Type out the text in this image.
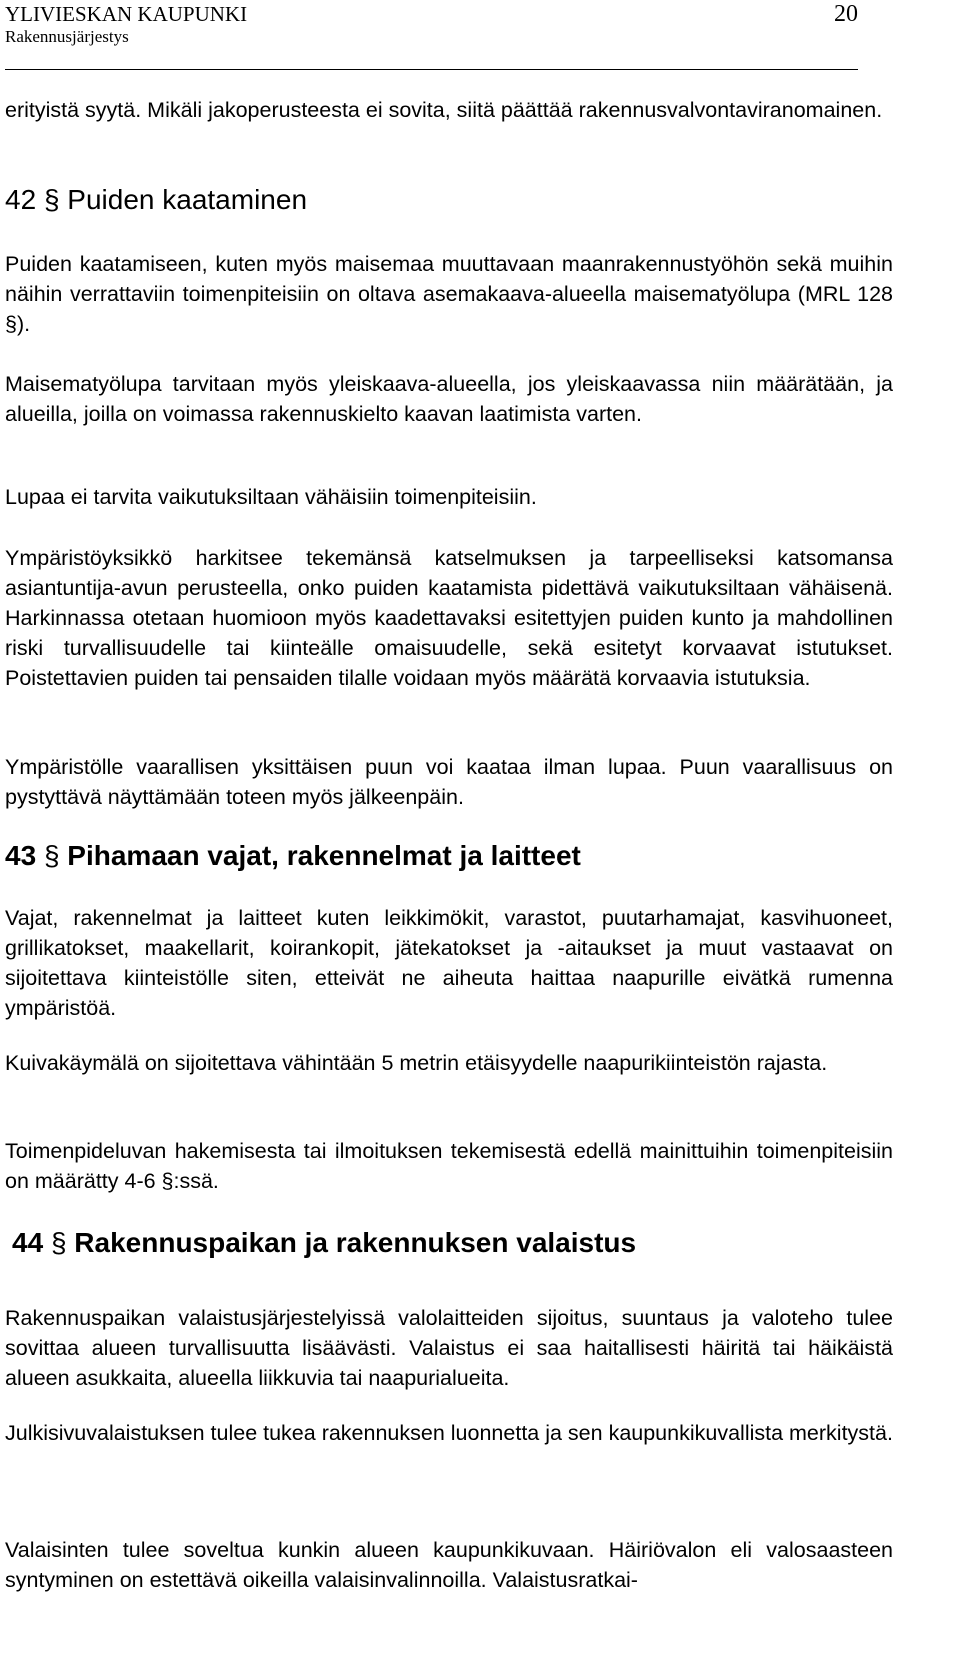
YLIVIESKAN KAUPUNKI
Rakennusjärjestys
20

erityistä syytä. Mikäli jakoperusteesta ei sovita, siitä päättää rakennusvalvontaviranomainen.

42 § Puiden kaataminen

Puiden kaatamiseen, kuten myös maisemaa muuttavaan maanrakennustyöhön sekä muihin näihin verrattaviin toimenpiteisiin on oltava asemakaava-alueella maisematyölupa (MRL 128 §).

Maisematyölupa tarvitaan myös yleiskaava-alueella, jos yleiskaavassa niin määrätään, ja alueilla, joilla on voimassa rakennuskielto kaavan laatimista varten.

Lupaa ei tarvita vaikutuksiltaan vähäisiin toimenpiteisiin.

Ympäristöyksikkö harkitsee tekemänsä katselmuksen ja tarpeelliseksi katsomansa asiantuntija-avun perusteella, onko puiden kaatamista pidettävä vaikutuksiltaan vähäisenä. Harkinnassa otetaan huomioon myös kaadettavaksi esitettyjen puiden kunto ja mahdollinen riski turvallisuudelle tai kiinteälle omaisuudelle, sekä esitetyt korvaavat istutukset. Poistettavien puiden tai pensaiden tilalle voidaan myös määrätä korvaavia istutuksia.

Ympäristölle vaarallisen yksittäisen puun voi kaataa ilman lupaa. Puun vaarallisuus on pystyttävä näyttämään toteen myös jälkeenpäin.

43 § Pihamaan vajat, rakennelmat ja laitteet

Vajat, rakennelmat ja laitteet kuten leikkimökit, varastot, puutarhamajat, kasvihuoneet, grillikatokset, maakellarit, koirankopit, jätekatokset ja -aitaukset ja muut vastaavat on sijoitettava kiinteistölle siten, etteivät ne aiheuta haittaa naapurille eivätkä rumenna ympäristöä.

Kuivakäymälä on sijoitettava vähintään 5 metrin etäisyydelle naapurikiinteistön rajasta.

Toimenpideluvan hakemisesta tai ilmoituksen tekemisestä edellä mainittuihin toimenpiteisiin on määrätty 4-6 §:ssä.

44 § Rakennuspaikan ja rakennuksen valaistus

Rakennuspaikan valaistusjärjestelyissä valolaitteiden sijoitus, suuntaus ja valoteho tulee sovittaa alueen turvallisuutta lisäävästi. Valaistus ei saa haitallisesti häiritä tai häikäistä alueen asukkaita, alueella liikkuvia tai naapurialueita.

Julkisivuvalaistuksen tulee tukea rakennuksen luonnetta ja sen kaupunkikuvallista merkitystä.

Valaisinten tulee soveltua kunkin alueen kaupunkikuvaan. Häiriövalon eli valosaasteen syntyminen on estettävä oikeilla valaisinvalinnoilla. Valaistusratkai-
